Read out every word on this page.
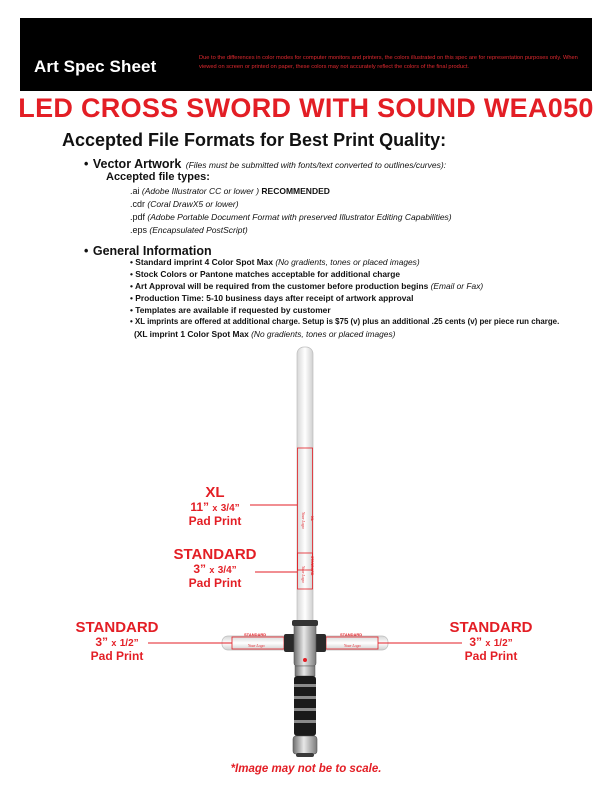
Art Spec Sheet	Due to the differences in color modes for computer monitors and printers, the colors illustrated on this spec are for representation purposes only. When viewed on screen or printed on paper, these colors may not accurately reflect the colors of the final product.
LED CROSS SWORD WITH SOUND WEA050
Accepted File Formats for Best Print Quality:
• Vector Artwork (Files must be submitted with fonts/text converted to outlines/curves):
Accepted file types:
.ai (Adobe Illustrator CC or lower ) RECOMMENDED
.cdr (Coral DrawX5 or lower)
.pdf (Adobe Portable Document Format with preserved Illustrator Editing Capabilities)
.eps (Encapsulated PostScript)
• General Information
• Standard imprint 4 Color Spot Max (No gradients, tones or placed images)
• Stock Colors or Pantone matches acceptable for additional charge
• Art Approval will be required from the customer before production begins (Email or Fax)
• Production Time: 5-10 business days after receipt of artwork approval
• Templates are available if requested by customer
• XL imprints are offered at additional charge. Setup is $75 (v) plus an additional .25 cents (v) per piece run charge.
(XL imprint 1 Color Spot Max (No gradients, tones or placed images)
XL
Your Logo
STANDARD
Your Logo
STANDARD
Your Logo
STANDARD
Your Logo
XL
11” x 3/4”
Pad Print
STANDARD
3” x 3/4”
Pad Print
STANDARD
3” x 1/2”
Pad Print
STANDARD
3” x 1/2”
Pad Print
*Image may not be to scale.
